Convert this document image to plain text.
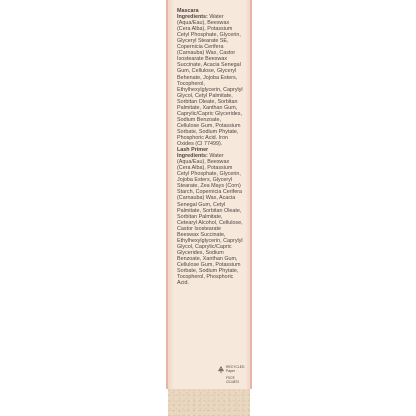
Mascara
Ingredients: Water (Aqua/Eau), Beeswax (Cera Alba), Potassium Cetyl Phosphate, Glycerin, Glyceryl Stearate SE, Copernicia Cerifera (Carnauba) Wax, Castor Isostearate Beeswax Succinate, Acacia Senegal Gum, Cellulose, Glyceryl Behenate, Jojoba Esters, Tocopherol, Ethylhexylglycerin, Caprylyl Glycol, Cetyl Palmitate, Sorbitan Oleate, Sorbitan Palmitate, Xanthan Gum, Caprylic/Capric Glycerides, Sodium Benzoate, Cellulose Gum, Potassium Sorbate, Sodium Phytate, Phosphoric Acid. Iron Oxides (CI 77499).
Lash Primer
Ingredients: Water (Aqua/Eau), Beeswax (Cera Alba), Potassium Cetyl Phosphate, Glycerin, Jojoba Esters, Glyceryl Stearate, Zea Mays (Corn) Starch, Copernicia Cerifera (Carnauba) Wax, Acacia Senegal Gum, Cetyl Palmitate, Sorbitan Oleate, Sorbitan Palmitate, Cetearyl Alcohol, Cellulose, Castor Isostearate Beeswax Succinate, Ethylhexylglycerin, Caprylyl Glycol, Caprylic/Capric Glycerides, Sodium Benzoate, Xanthan Gum, Cellulose Gum, Potassium Sorbate, Sodium Phytate, Tocopherol, Phosphoric Acid.
RECYCLED
Paper
FSC® C014873
